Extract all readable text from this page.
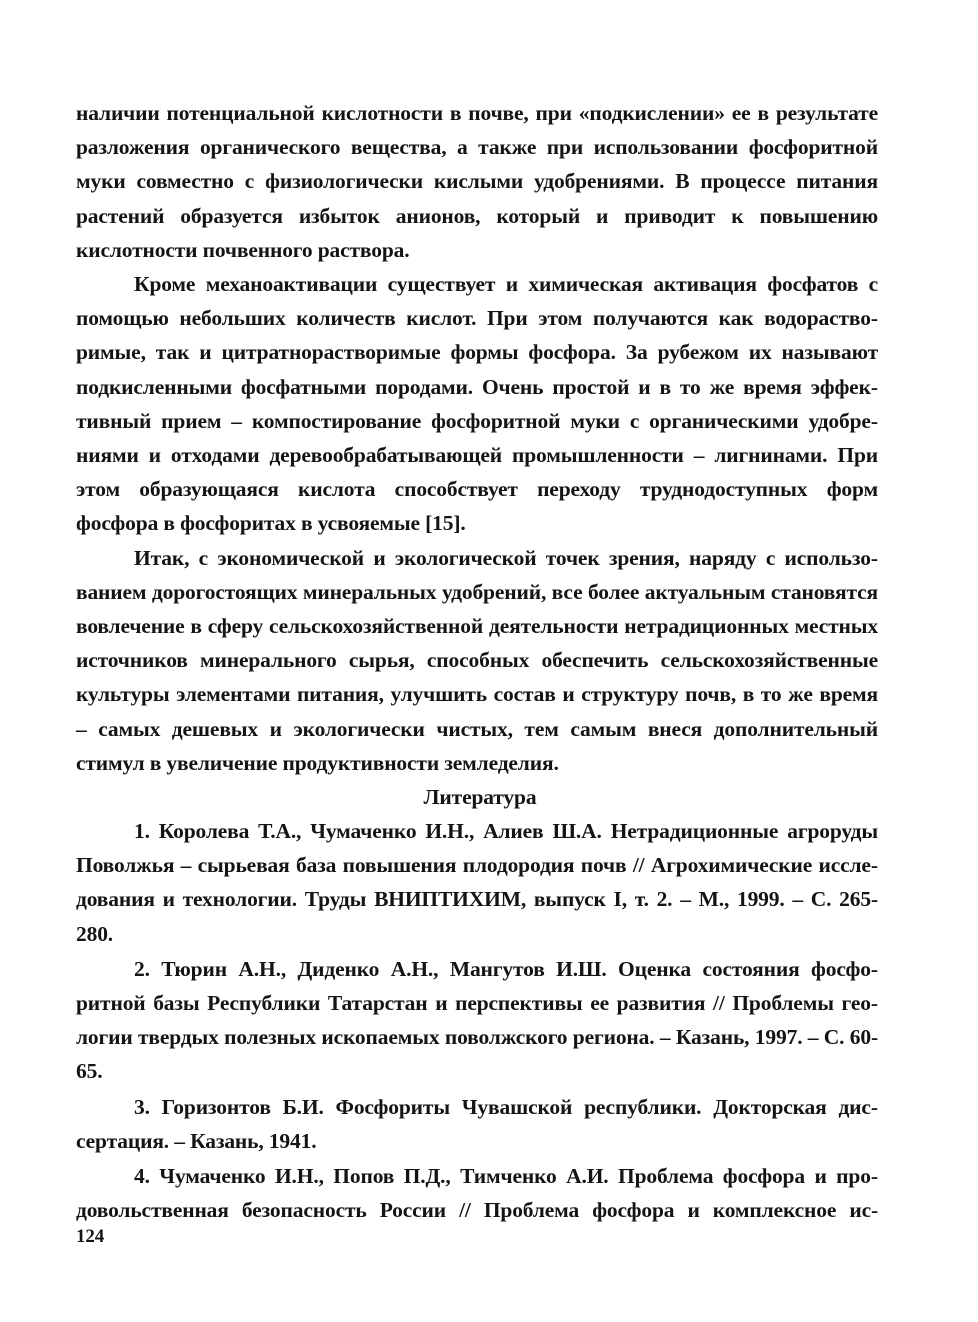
наличии потенциальной кислотности в почве, при «подкислении» ее в результате разложения органического вещества, а также при использовании фосфоритной муки совместно с физиологически кислыми удобрениями. В процессе питания растений образуется избыток анионов, который и приводит к повышению кислотности почвенного раствора.

Кроме механоактивации существует и химическая активация фосфатов с помощью небольших количеств кислот. При этом получаются как водорастворимые, так и цитратнорастворимые формы фосфора. За рубежом их называют подкисленными фосфатными породами. Очень простой и в то же время эффективный прием – компостирование фосфоритной муки с органическими удобрениями и отходами деревообрабатывающей промышленности – лигнинами. При этом образующаяся кислота способствует переходу труднодоступных форм фосфора в фосфоритах в усвояемые [15].

Итак, с экономической и экологической точек зрения, наряду с использованием дорогостоящих минеральных удобрений, все более актуальным становятся вовлечение в сферу сельскохозяйственной деятельности нетрадиционных местных источников минерального сырья, способных обеспечить сельскохозяйственные культуры элементами питания, улучшить состав и структуру почв, в то же время – самых дешевых и экологически чистых, тем самым внеся дополнительный стимул в увеличение продуктивности земледелия.

Литература

1. Королева Т.А., Чумаченко И.Н., Алиев Ш.А. Нетрадиционные агроруды Поволжья – сырьевая база повышения плодородия почв // Агрохимические исследования и технологии. Труды ВНИПТИХИМ, выпуск I, т. 2. – М., 1999. – С. 265-280.

2. Тюрин А.Н., Диденко А.Н., Мангутов И.Ш. Оценка состояния фосфоритной базы Республики Татарстан и перспективы ее развития // Проблемы геологии твердых полезных ископаемых поволжского региона. – Казань, 1997. – С. 60-65.

3. Горизонтов Б.И. Фосфориты Чувашской республики. Докторская диссертация. – Казань, 1941.

4. Чумаченко И.Н., Попов П.Д., Тимченко А.И. Проблема фосфора и продовольственная безопасность России // Проблема фосфора и комплексное ис-

124
